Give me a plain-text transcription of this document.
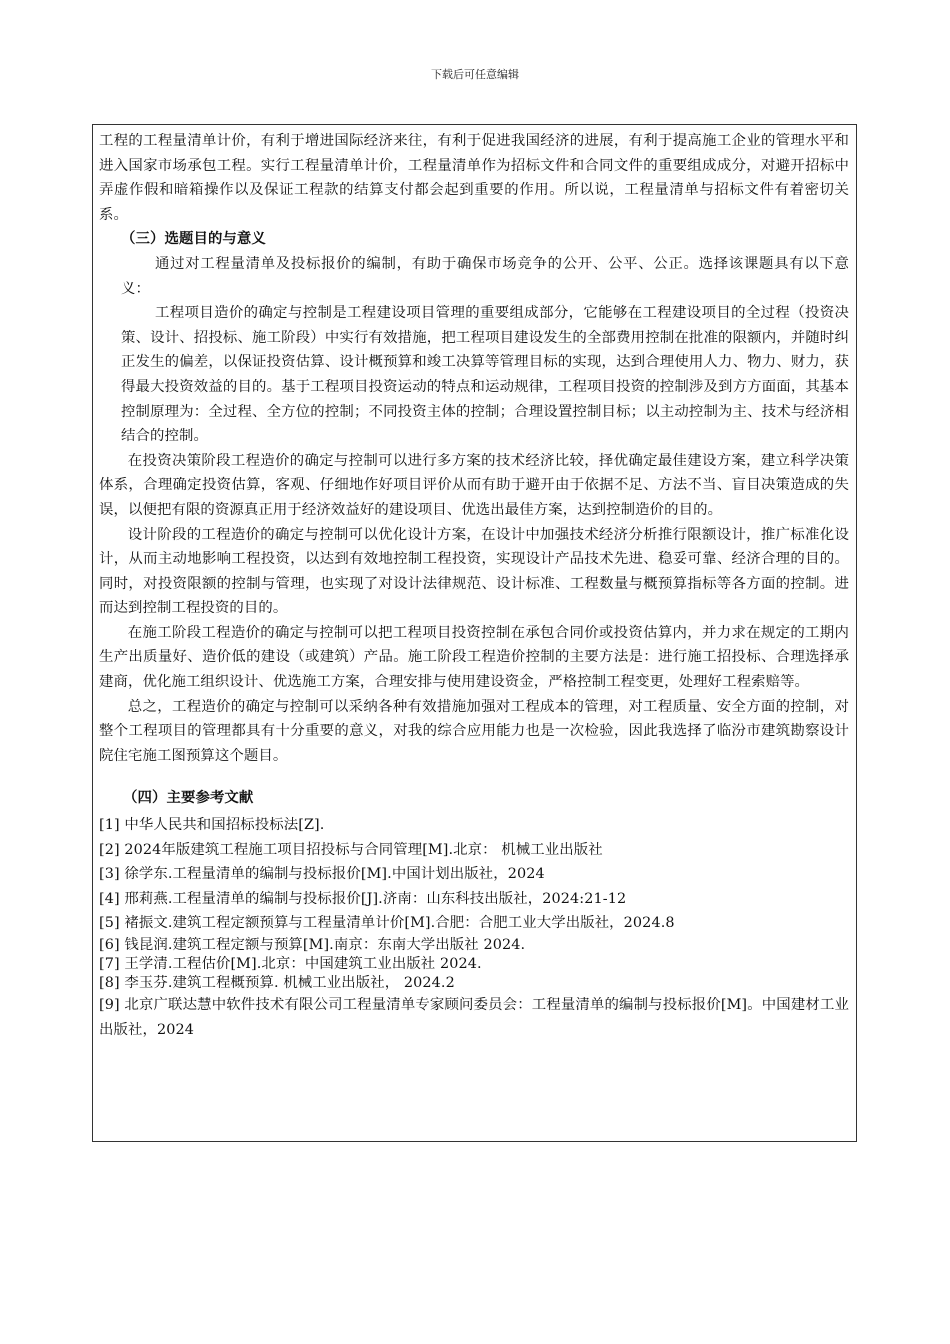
下载后可任意编辑

工程的工程量清单计价，有利于增进国际经济来往，有利于促进我国经济的进展，有利于提高施工企业的管理水平和进入国家市场承包工程。实行工程量清单计价，工程量清单作为招标文件和合同文件的重要组成成分，对避开招标中弄虚作假和暗箱操作以及保证工程款的结算支付都会起到重要的作用。所以说，工程量清单与招标文件有着密切关系。

（三）选题目的与意义

通过对工程量清单及投标报价的编制，有助于确保市场竞争的公开、公平、公正。选择该课题具有以下意义：

工程项目造价的确定与控制是工程建设项目管理的重要组成部分，它能够在工程建设项目的全过程（投资决策、设计、招投标、施工阶段）中实行有效措施，把工程项目建设发生的全部费用控制在批准的限额内，并随时纠正发生的偏差，以保证投资估算、设计概预算和竣工决算等管理目标的实现，达到合理使用人力、物力、财力，获得最大投资效益的目的。基于工程项目投资运动的特点和运动规律，工程项目投资的控制涉及到方方面面，其基本控制原理为：全过程、全方位的控制；不同投资主体的控制；合理设置控制目标；以主动控制为主、技术与经济相结合的控制。

在投资决策阶段工程造价的确定与控制可以进行多方案的技术经济比较，择优确定最佳建设方案，建立科学决策体系，合理确定投资估算，客观、仔细地作好项目评价从而有助于避开由于依据不足、方法不当、盲目决策造成的失误，以便把有限的资源真正用于经济效益好的建设项目、优选出最佳方案，达到控制造价的目的。

设计阶段的工程造价的确定与控制可以优化设计方案，在设计中加强技术经济分析推行限额设计，推广标准化设计，从而主动地影响工程投资，以达到有效地控制工程投资，实现设计产品技术先进、稳妥可靠、经济合理的目的。同时，对投资限额的控制与管理，也实现了对设计法律规范、设计标准、工程数量与概预算指标等各方面的控制。进而达到控制工程投资的目的。

在施工阶段工程造价的确定与控制可以把工程项目投资控制在承包合同价或投资估算内，并力求在规定的工期内生产出质量好、造价低的建设（或建筑）产品。施工阶段工程造价控制的主要方法是：进行施工招投标、合理选择承建商，优化施工组织设计、优选施工方案，合理安排与使用建设资金，严格控制工程变更，处理好工程索赔等。

总之，工程造价的确定与控制可以采纳各种有效措施加强对工程成本的管理，对工程质量、安全方面的控制，对整个工程项目的管理都具有十分重要的意义，对我的综合应用能力也是一次检验，因此我选择了临汾市建筑勘察设计院住宅施工图预算这个题目。

（四）主要参考文献

[1] 中华人民共和国招标投标法[Z].

[2] 2024年版建筑工程施工项目招投标与合同管理[M].北京： 机械工业出版社

[3] 徐学东.工程量清单的编制与投标报价[M].中国计划出版社，2024

[4] 邢莉燕.工程量清单的编制与投标报价[J].济南：山东科技出版社，2024:21-12

[5] 褚振文.建筑工程定额预算与工程量清单计价[M].合肥：合肥工业大学出版社，2024.8

[6] 钱昆润.建筑工程定额与预算[M].南京：东南大学出版社 2024.

[7] 王学清.工程估价[M].北京：中国建筑工业出版社 2024.

[8] 李玉芬.建筑工程概预算. 机械工业出版社， 2024.2

[9] 北京广联达慧中软件技术有限公司工程量清单专家顾问委员会：工程量清单的编制与投标报价[M]。中国建材工业出版社，2024
